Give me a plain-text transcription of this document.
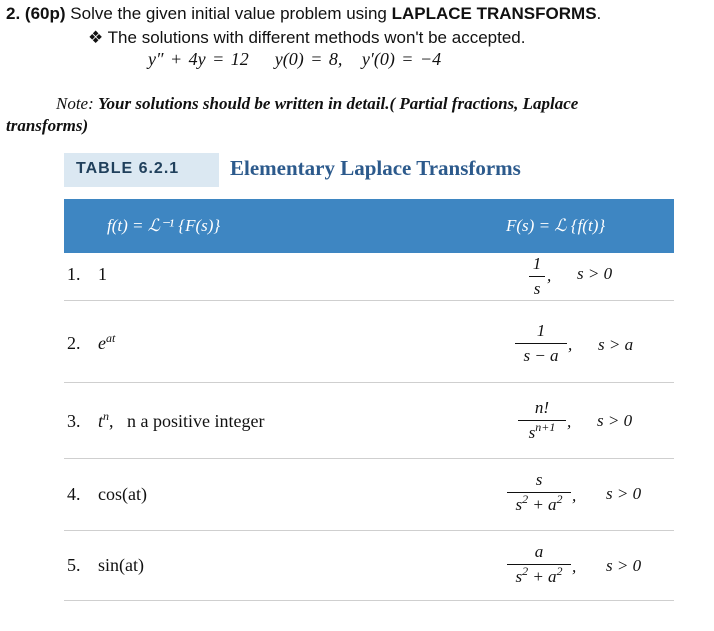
2. (60p) Solve the given initial value problem using LAPLACE TRANSFORMS.
❖ The solutions with different methods won't be accepted.
y″ + 4y = 12    y(0) = 8,   y′(0) = −4
Note: Your solutions should be written in detail.( Partial fractions, Laplace
transforms)
TABLE 6.2.1 Elementary Laplace Transforms
f(t) = ℒ⁻¹ {F(s)}	F(s) = ℒ {f(t)}
1. 1
1
s
, s > 0
2. $e^{at}$	1
s − a
, s > a
3. $t^n$,   n a positive integer
n!
$s^{n+1}$ , s > 0
4. cos(at)
s
$s^2 + a^2$ , s > 0
5. sin(at)
a
$s^2 + a^2$ , s > 0
